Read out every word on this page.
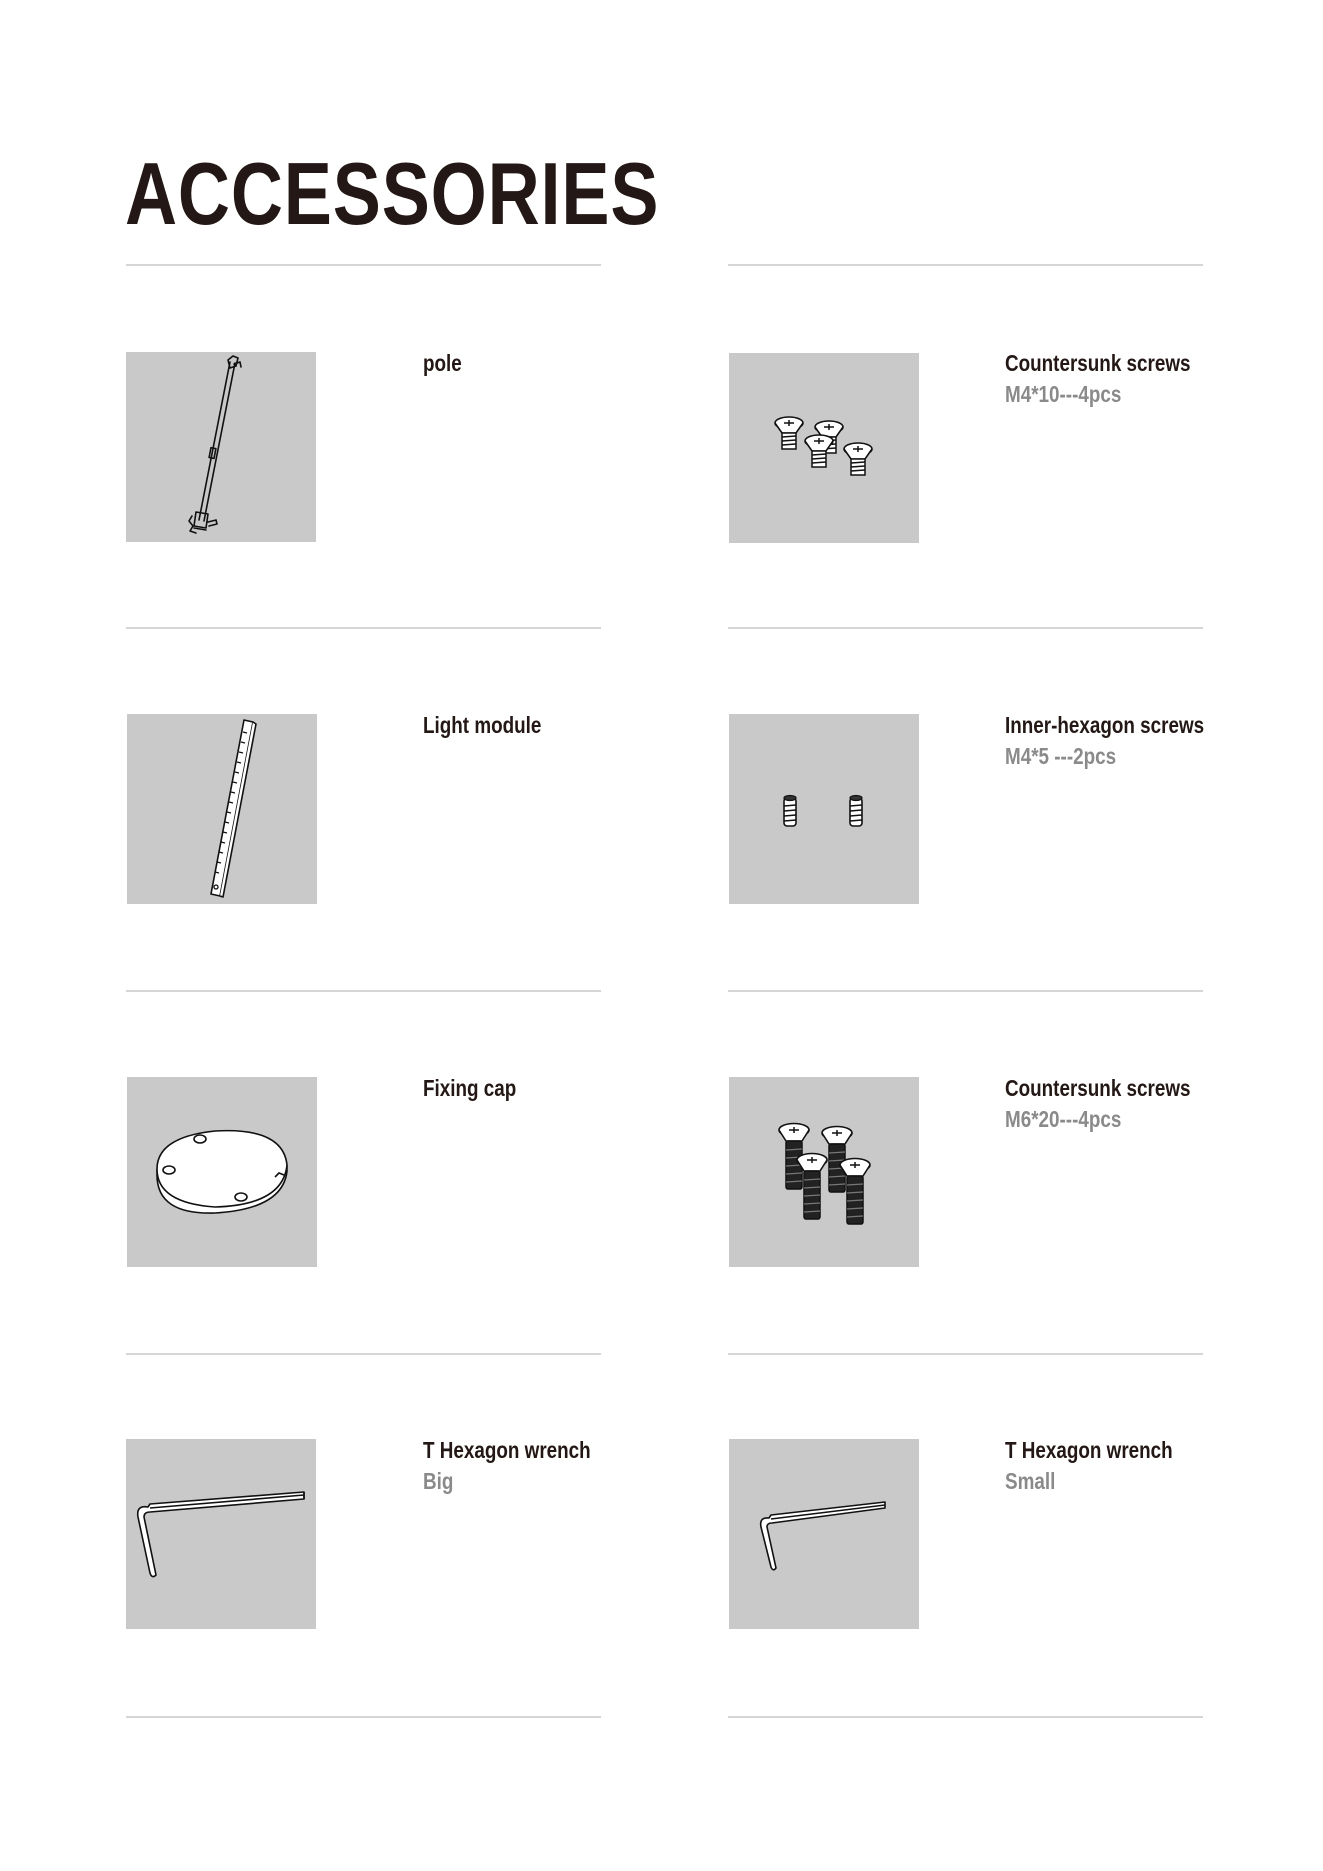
ACCESSORIES
pole	Countersunk screws
M4*10---4pcs
Light module	Inner-hexagon screws
M4*5 ---2pcs
Fixing cap	Countersunk screws
M6*20---4pcs
T Hexagon wrench
Big
T Hexagon wrench
Small
